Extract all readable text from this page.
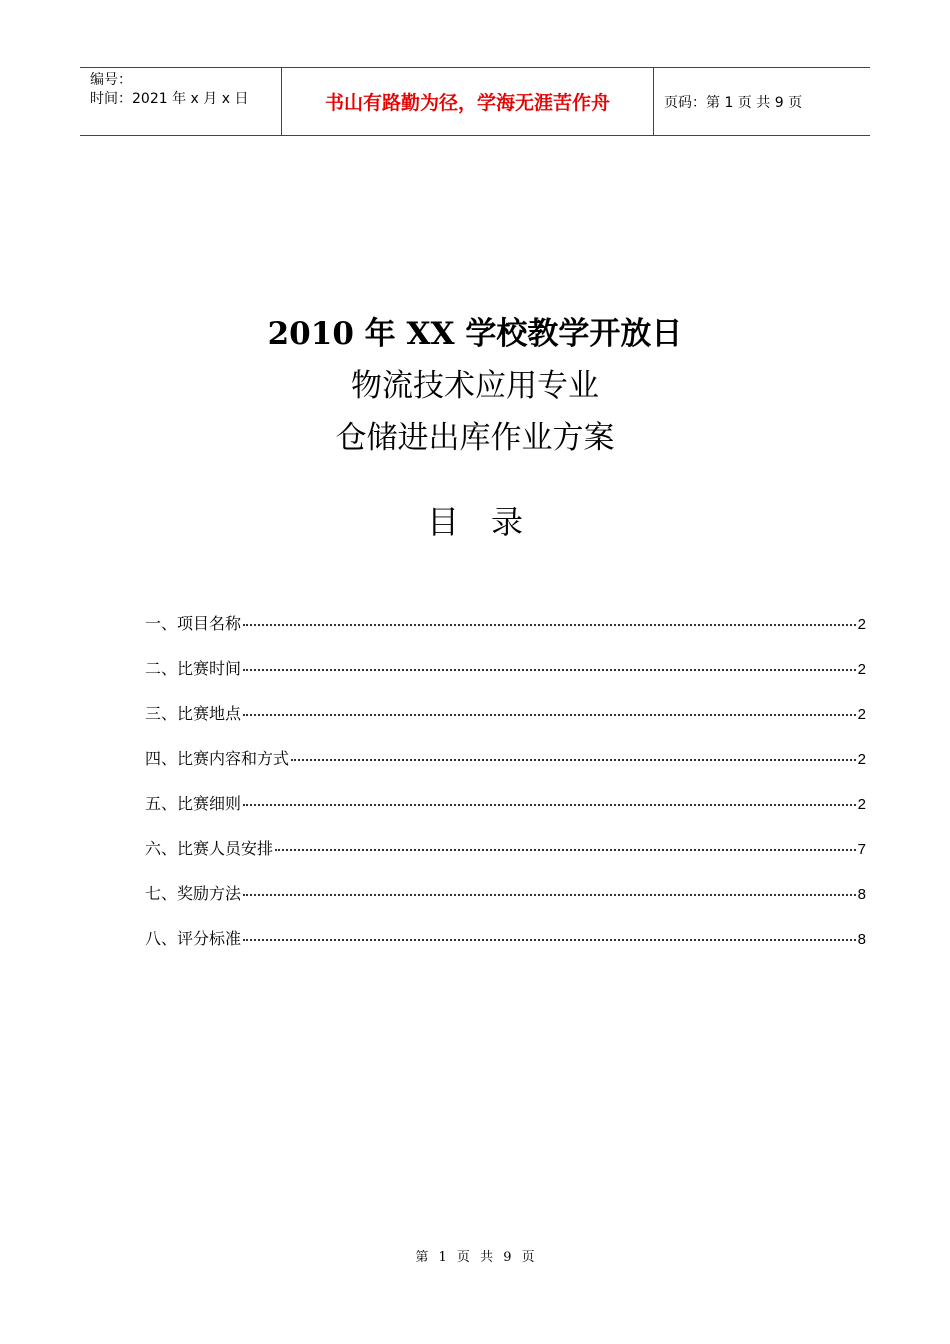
编号：
时间：2021 年 x 月 x 日	书山有路勤为径，学海无涯苦作舟	页码：第 1 页 共 9 页
2010 年 XX 学校教学开放日
物流技术应用专业
仓储进出库作业方案
目录
一、项目名称	2
二、比赛时间	2
三、比赛地点	2
四、比赛内容和方式	2
五、比赛细则	2
六、比赛人员安排	7
七、奖励方法	8
八、评分标准	8
第 1 页 共 9 页
